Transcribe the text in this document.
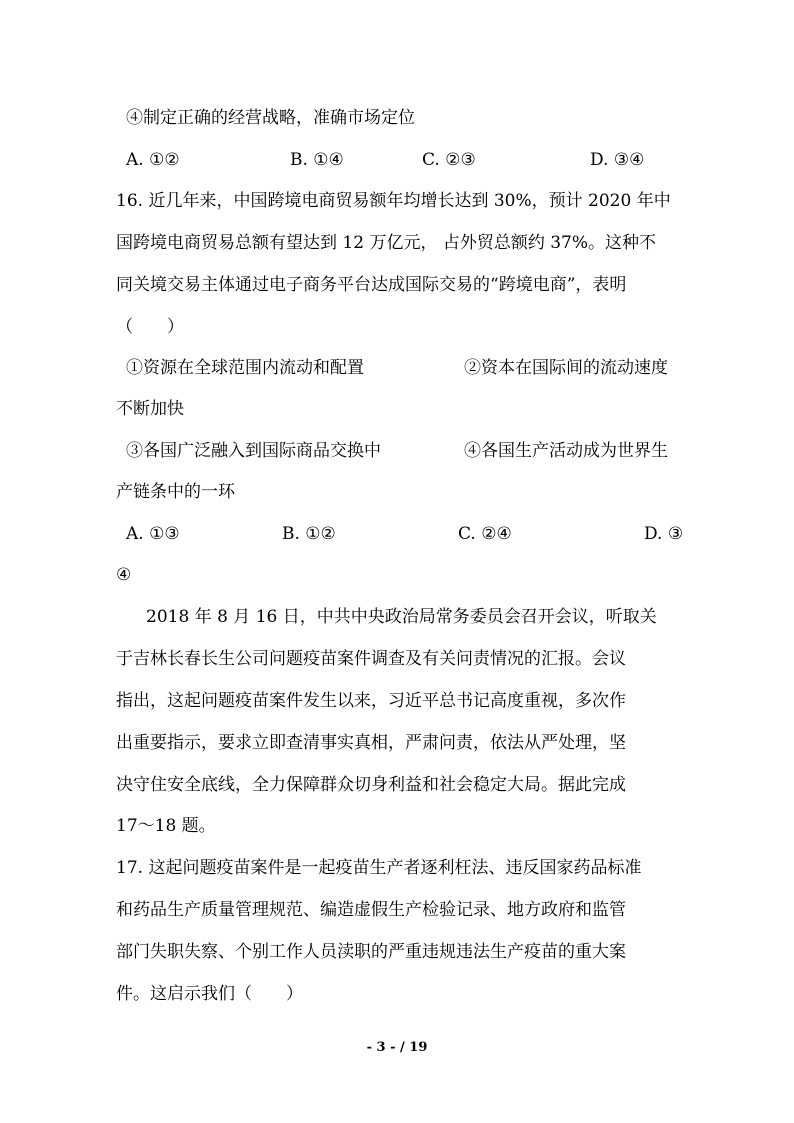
④制定正确的经营战略，准确市场定位
A. ①②	B. ①④	C. ②③	D. ③④
16. 近几年来，中国跨境电商贸易额年均增长达到 30%，预计 2020 年中
国跨境电商贸易总额有望达到 12 万亿元， 占外贸总额约 37%。这种不
同关境交易主体通过电子商务平台达成国际交易的“跨境电商”，表明
（　　）
①资源在全球范围内流动和配置	②资本在国际间的流动速度
不断加快
③各国广泛融入到国际商品交换中	④各国生产活动成为世界生
产链条中的一环
A. ①③	B. ①②	C. ②④	D. ③
④
2018 年 8 月 16 日，中共中央政治局常务委员会召开会议，听取关
于吉林长春长生公司问题疫苗案件调查及有关问责情况的汇报。会议
指出，这起问题疫苗案件发生以来，习近平总书记高度重视，多次作
出重要指示，要求立即查清事实真相，严肃问责，依法从严处理，坚
决守住安全底线，全力保障群众切身利益和社会稳定大局。据此完成
17～18 题。
17. 这起问题疫苗案件是一起疫苗生产者逐利枉法、违反国家药品标准
和药品生产质量管理规范、编造虚假生产检验记录、地方政府和监管
部门失职失察、个别工作人员渎职的严重违规违法生产疫苗的重大案
件。这启示我们（　　）
- 3 - / 19
